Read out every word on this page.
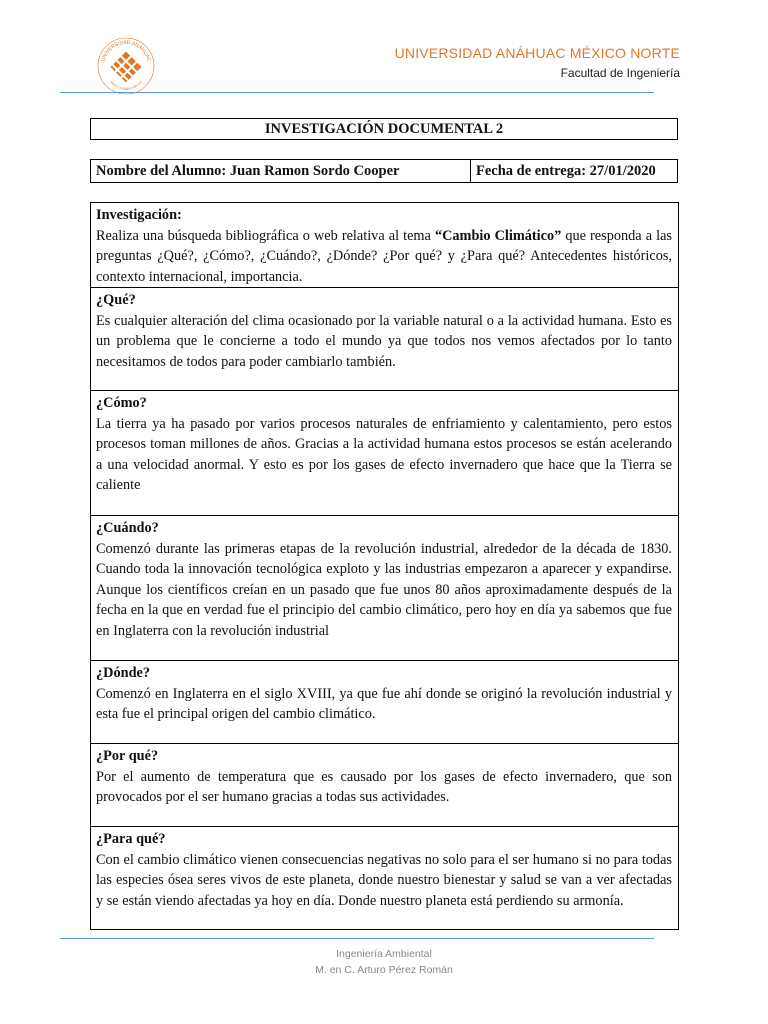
UNIVERSIDAD ANÁHUAC
VINCIT IN BONO MALUM
UNIVERSIDAD ANÁHUAC MÉXICO NORTE
Facultad de Ingeniería
INVESTIGACIÓN DOCUMENTAL 2
Nombre del Alumno: Juan Ramon Sordo Cooper	Fecha de entrega: 27/01/2020
Investigación:

Realiza una búsqueda bibliográfica o web relativa al tema “Cambio Climático” que responda a las preguntas ¿Qué?, ¿Cómo?, ¿Cuándo?, ¿Dónde? ¿Por qué? y ¿Para qué? Antecedentes históricos, contexto internacional, importancia.

¿Qué?

Es cualquier alteración del clima ocasionado por la variable natural o a la actividad humana. Esto es un problema que le concierne a todo el mundo ya que todos nos vemos afectados por lo tanto necesitamos de todos para poder cambiarlo también.

¿Cómo?

La tierra ya ha pasado por varios procesos naturales de enfriamiento y calentamiento, pero estos procesos toman millones de años. Gracias a la actividad humana estos procesos se están acelerando a una velocidad anormal. Y esto es por los gases de efecto invernadero que hace que la Tierra se caliente

¿Cuándo?

Comenzó durante las primeras etapas de la revolución industrial, alrededor de la década de 1830. Cuando toda la innovación tecnológica exploto y las industrias empezaron a aparecer y expandirse. Aunque los científicos creían en un pasado que fue unos 80 años aproximadamente después de la fecha en la que en verdad fue el principio del cambio climático, pero hoy en día ya sabemos que fue en Inglaterra con la revolución industrial

¿Dónde?

Comenzó en Inglaterra en el siglo XVIII, ya que fue ahí donde se originó la revolución industrial y esta fue el principal origen del cambio climático.

¿Por qué?

Por el aumento de temperatura que es causado por los gases de efecto invernadero, que son provocados por el ser humano gracias a todas sus actividades.

¿Para qué?

Con el cambio climático vienen consecuencias negativas no solo para el ser humano si no para todas las especies ósea seres vivos de este planeta, donde nuestro bienestar y salud se van a ver afectadas y se están viendo afectadas ya hoy en día. Donde nuestro planeta está perdiendo su armonía.

Ingeniería Ambiental
M. en C. Arturo Pérez Román
